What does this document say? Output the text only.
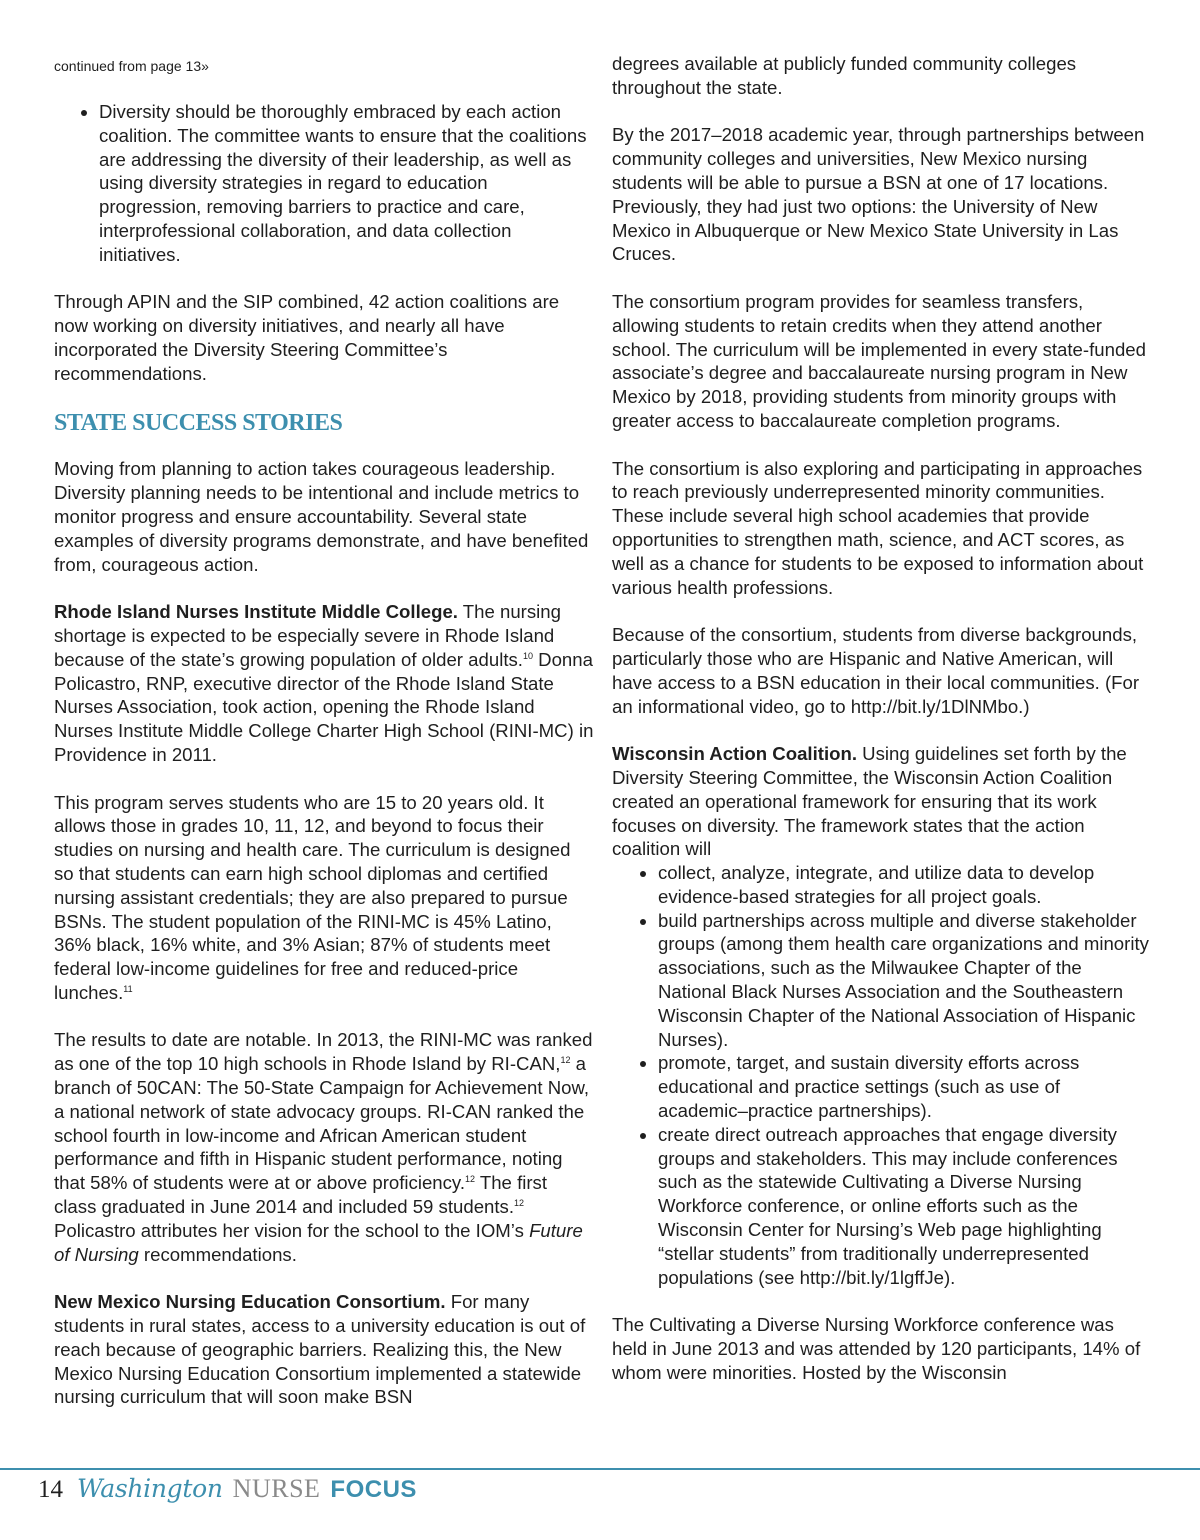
continued from page 13»

• Diversity should be thoroughly embraced by each action coalition. The committee wants to ensure that the coalitions are addressing the diversity of their leadership, as well as using diversity strategies in regard to education progression, removing barriers to practice and care, interprofessional collaboration, and data collection initiatives.

Through APIN and the SIP combined, 42 action coalitions are now working on diversity initiatives, and nearly all have incorporated the Diversity Steering Committee’s recommendations.

STATE SUCCESS STORIES

Moving from planning to action takes courageous leadership. Diversity planning needs to be intentional and include metrics to monitor progress and ensure accountability. Several state examples of diversity programs demonstrate, and have benefited from, courageous action.

Rhode Island Nurses Institute Middle College. The nursing shortage is expected to be especially severe in Rhode Island because of the state’s growing population of older adults.$^{10}$ Donna Policastro, RNP, executive director of the Rhode Island State Nurses Association, took action, opening the Rhode Island Nurses Institute Middle College Charter High School (RINI-MC) in Providence in 2011.

This program serves students who are 15 to 20 years old. It allows those in grades 10, 11, 12, and beyond to focus their studies on nursing and health care. The curriculum is designed so that students can earn high school diplomas and certified nursing assistant credentials; they are also prepared to pursue BSNs. The student population of the RINI-MC is 45% Latino, 36% black, 16% white, and 3% Asian; 87% of students meet federal low-income guidelines for free and reduced-price lunches.$^{11}$

The results to date are notable. In 2013, the RINI-MC was ranked as one of the top 10 high schools in Rhode Island by RI-CAN,$^{12}$ a branch of 50CAN: The 50-State Campaign for Achievement Now, a national network of state advocacy groups. RI-CAN ranked the school fourth in low-income and African American student performance and fifth in Hispanic student performance, noting that 58% of students were at or above proficiency.$^{12}$ The first class graduated in June 2014 and included 59 students.$^{12}$ Policastro attributes her vision for the school to the IOM’s Future of Nursing recommendations.

New Mexico Nursing Education Consortium. For many students in rural states, access to a university education is out of reach because of geographic barriers. Realizing this, the New Mexico Nursing Education Consortium implemented a statewide nursing curriculum that will soon make BSN

degrees available at publicly funded community colleges throughout the state.

By the 2017–2018 academic year, through partnerships between community colleges and universities, New Mexico nursing students will be able to pursue a BSN at one of 17 locations. Previously, they had just two options: the University of New Mexico in Albuquerque or New Mexico State University in Las Cruces.

The consortium program provides for seamless transfers, allowing students to retain credits when they attend another school. The curriculum will be implemented in every state-funded associate’s degree and baccalaureate nursing program in New Mexico by 2018, providing students from minority groups with greater access to baccalaureate completion programs.

The consortium is also exploring and participating in approaches to reach previously underrepresented minority communities. These include several high school academies that provide opportunities to strengthen math, science, and ACT scores, as well as a chance for students to be exposed to information about various health professions.

Because of the consortium, students from diverse backgrounds, particularly those who are Hispanic and Native American, will have access to a BSN education in their local communities. (For an informational video, go to http://bit.ly/1DlNMbo.)

Wisconsin Action Coalition. Using guidelines set forth by the Diversity Steering Committee, the Wisconsin Action Coalition created an operational framework for ensuring that its work focuses on diversity. The framework states that the action coalition will

• collect, analyze, integrate, and utilize data to develop evidence-based strategies for all project goals.
• build partnerships across multiple and diverse stakeholder groups (among them health care organizations and minority associations, such as the Milwaukee Chapter of the National Black Nurses Association and the Southeastern Wisconsin Chapter of the National Association of Hispanic Nurses).
• promote, target, and sustain diversity efforts across educational and practice settings (such as use of academic–practice partnerships).
• create direct outreach approaches that engage diversity groups and stakeholders. This may include conferences such as the statewide Cultivating a Diverse Nursing Workforce conference, or online efforts such as the Wisconsin Center for Nursing’s Web page highlighting “stellar students” from traditionally underrepresented populations (see http://bit.ly/1lgffJe).

The Cultivating a Diverse Nursing Workforce conference was held in June 2013 and was attended by 120 participants, 14% of whom were minorities. Hosted by the Wisconsin

14 Washington NURSE FOCUS
